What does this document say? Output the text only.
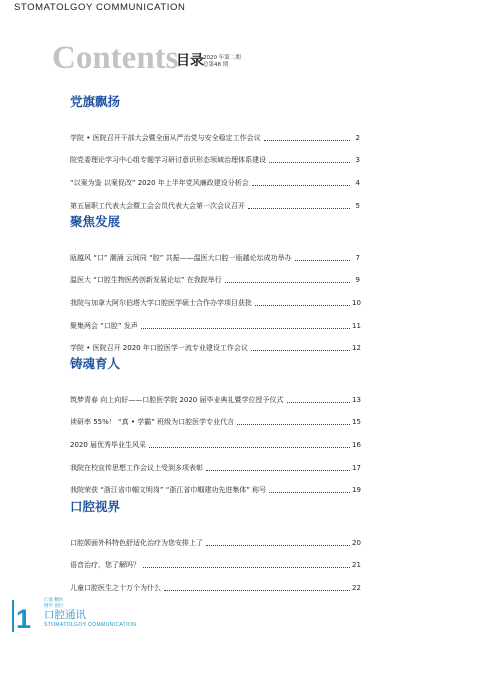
STOMATOLGOY COMMUNICATION
Contents
目录 2020 年第二期
总第48 期
党旗飘扬
学院 • 医院召开干部大会暨全面从严治党与安全稳定工作会议	2
院党委理论学习中心组专题学习研讨意识形态领域治理体系建设	3
“以案为鉴 以案促改” 2020 年上半年党风廉政建设分析会	4
第五届职工代表大会暨工会会员代表大会第一次会议召开	5
聚焦发展
瓯越风 “口” 潮涌 云间同 “腔” 共振——温医大口腔一瓯越论坛成功举办	7
温医大 “口腔生物医药创新发展论坛” 在我院举行	9
我院与加拿大阿尔伯塔大学口腔医学硕士合作办学项目获批	10
聚集两会 “口腔” 发声	11
学院 • 医院召开 2020 年口腔医学一流专业建设工作会议	12
铸魂育人
筑梦青春 向上向好——口腔医学院 2020 届毕业典礼暨学位授予仪式	13
读研率 55%！ “真 • 学霸” 班级为口腔医学专业代言	15
2020 届优秀毕业生风采	16
我院在校宣传思想工作会议上受到多项表彰	17
我院荣获 “浙江省巾帼文明岗” “浙江省巾帼建功先进集体” 称号	19
口腔视界
口腔颌面外科特色舒适化治疗为您安排上了	20
语音治疗，您了解吗？	21
儿童口腔医生之十万个为什么	22
1
仁爱 精医
博学 创行
口腔通讯
STOMATOLGOY COMMUNICATION
